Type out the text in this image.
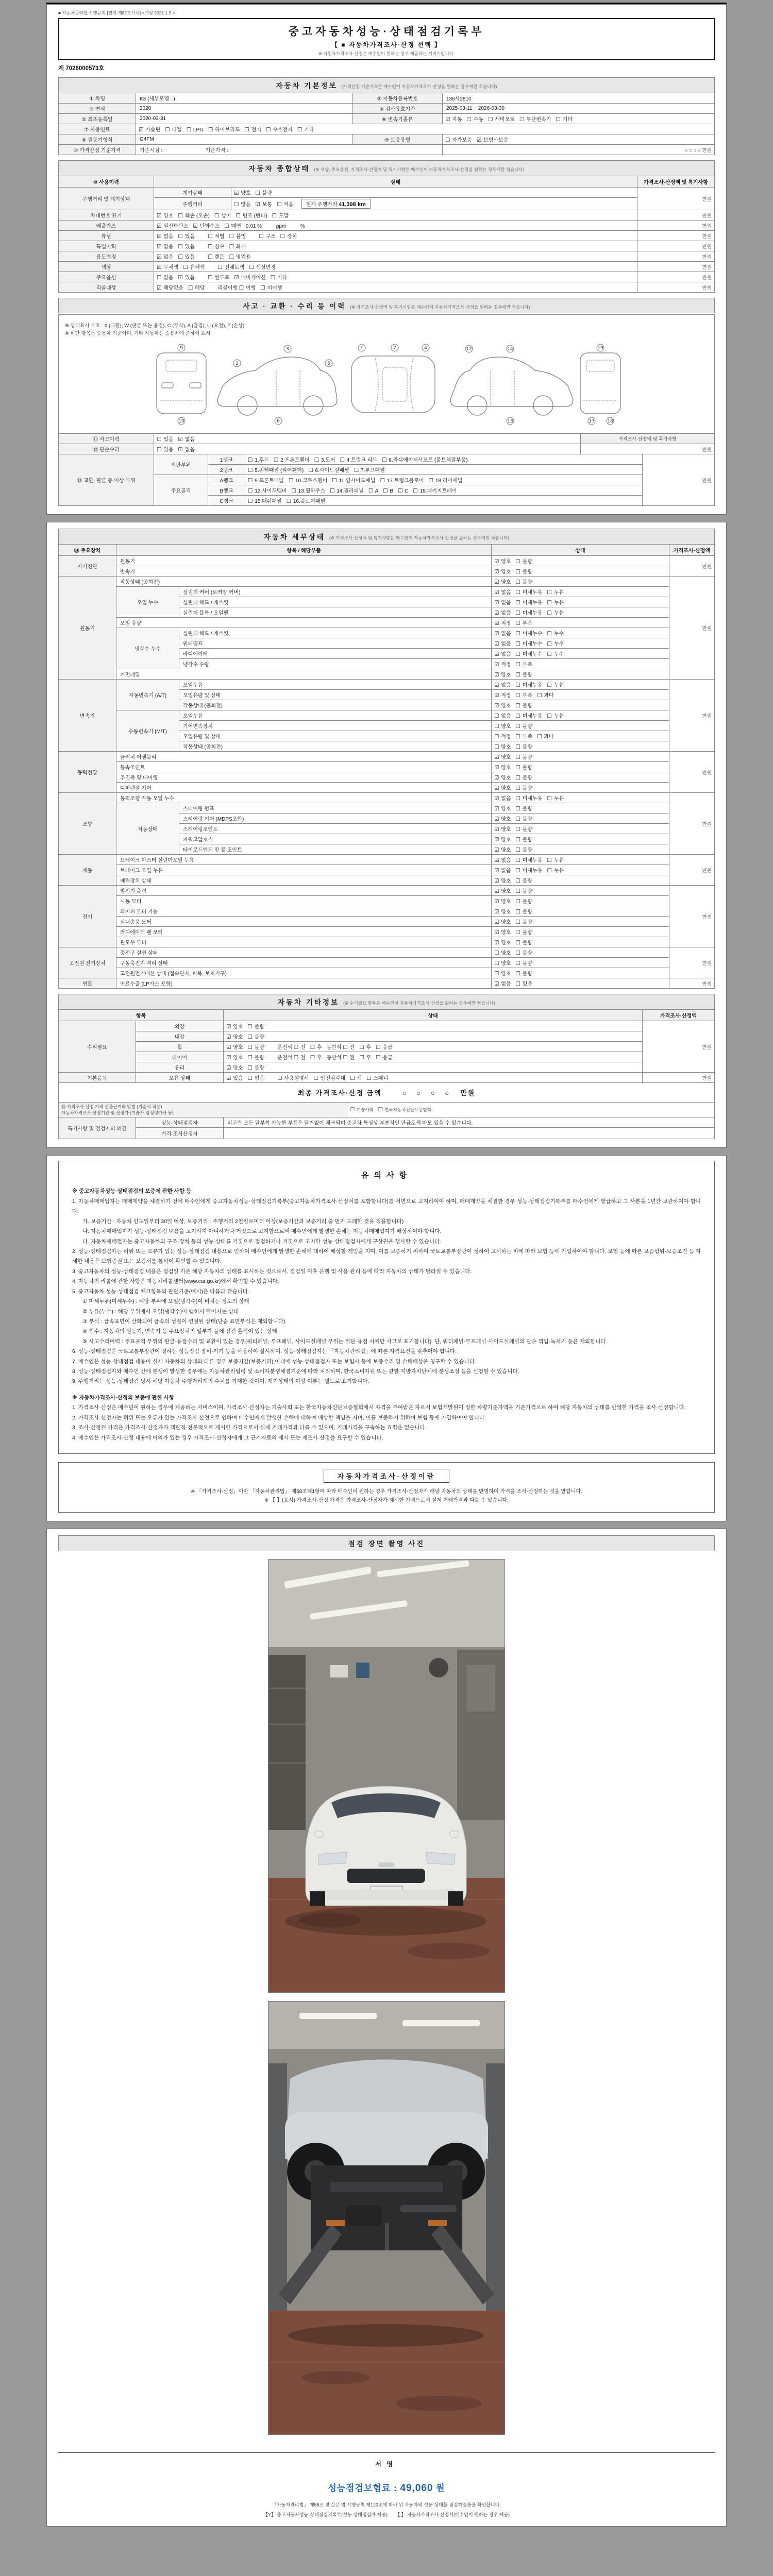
■ 자동차관리법 시행규칙 [별지 제82호서식] <개정 2021.1.9.>
중고자동차성능·상태점검기록부
【 ■ 자동차가격조사·산정 선택 】
※ 자동차가격조사·산정은 매수인이 원하는 경우 제공하는 서비스입니다.
제 7026000573호
자동차 기본정보 (가격산정 기준가격은 매수인이 자동차가격조사·산정을 원하는 경우에만 적습니다)
① 차명	K3 (세부모델 : )	② 자동차등록번호	136세2810
③ 연식	2020	④ 검사유효기간	2025-03-11 ~ 2026-03-30
⑤ 최초등록일	2020-03-31	⑥ 변속기종류	☑ 자동 ☐ 수동 ☐ 세미오토 ☐ 무단변속기 ☐ 기타
⑦ 사용연료	☑ 가솔린 ☐ 디젤 ☐ LPG ☐ 하이브리드 ☐ 전기 ☐ 수소전기 ☐ 기타		
⑧ 원동기형식	G4FM	⑨ 보증유형	☐ 자가보증 ☑ 보험사보증
⑩ 가격산정 기준가격	기준시점 :                              기준가격 :		○ ○ ○ ○ 만원
자동차 종합상태 (※ 색상, 주요옵션, 가격조사·산정액 및 특기사항은 매수인이 자동차가격조사·산정을 원하는 경우에만 적습니다)
⑩ 사용이력	상태		가격조사·산정액 및 특기사항
주행거리 및 계기상태	계기상태	☑ 양호 ☐ 불량	만원
	주행거리	☐ 많음 ☑ 보통 ☐ 적음 현재 주행거리 41,398 km	
차대번호 표기	☑ 양호 ☐ 훼손 (오손) ☐ 상이 ☐ 변조 (변타) ☐ 도말		만원
배출가스	☑ 일산화탄소 ☑ 탄화수소 ☐ 매연 0.01 %          ppm          %		만원
튜닝	☑ 없음 ☐ 있음 ☐ 적법 ☐ 불법 ☐ 구조 ☐ 장치		만원
특별이력	☑ 없음 ☐ 있음 ☐ 침수 ☐ 화재		만원
용도변경	☑ 없음 ☐ 있음 ☐ 렌트 ☐ 영업용		만원
색상	☑ 무채색 ☐ 유채색 ☐ 전체도색 ☐ 색상변경		만원
주요옵션	☐ 없음 ☑ 있음 ☐ 썬루프 ☑ 네비게이션 ☐ 기타		만원
리콜대상	☑ 해당없음 ☐ 해당 리콜이행 ☐ 이행 ☐ 미이행		만원
사고 · 교환 · 수리 등 이력 (※ 가격조사·산정액 및 특기사항은 매수인이 자동차가격조사·산정을 원하는 경우에만 적습니다)
※ 상태표시 부호 : X (교환), W (판금 또는 용접), C (부식), A (흠집), U (요철), T (손상)
※ 하단 항목은 승용차 기준이며, 기타 자동차는 승용차에 준하여 표시
9
10
2
3
5
6
1	7	4	12	14
13
19
17	18
⑪ 사고이력	☐ 있음 ☑ 없음	가격조사·산정액 및 특기사항
⑫ 단순수리	☐ 있음 ☑ 없음	만원
⑬ 교환, 판금 등 이상 부위	외판부위	1랭크	☐ 1.후드 ☐ 2.프론트휀더 ☐ 3.도어 ☐ 4.트렁크 리드 ☐ 8.라디에이터서포트 (볼트체결부품)	만원
		2랭크	☐ 5.쿼터패널 (리어휀더) ☐ 6.사이드실패널 ☐ 7.루프패널	
	주요골격	A랭크	☐ 9.프론트패널 ☐ 10.크로스멤버 ☐ 11.인사이드패널 ☐ 17.트렁크플로어 ☐ 18.리어패널	
		B랭크	☐ 12.사이드멤버 ☐ 13.휠하우스 ☐ 14.필러패널 ☐ A ☐ B ☐ C ☐ 19.패키지트레이	
		C랭크	☐ 15.대쉬패널 ☐ 16.플로어패널	
자동차 세부상태 (※ 가격조사·산정액 및 특기사항은 매수인이 자동차가격조사·산정을 원하는 경우에만 적습니다)
⑭ 주요장치	항목 / 해당부품		상태	가격조사·산정액
자기진단	원동기		☑ 양호 ☐ 불량	만원
	변속기		☑ 양호 ☐ 불량	
원동기	작동상태 (공회전)		☑ 양호 ☐ 불량	만원
	오일 누수	실린더 커버 (로커암 커버)	☑ 없음 ☐ 미세누유 ☐ 누유	
		실린더 헤드 / 개스킷	☑ 없음 ☐ 미세누유 ☐ 누유	
		실린더 블록 / 오일팬	☑ 없음 ☐ 미세누유 ☐ 누유	
	오일 유량		☑ 적정 ☐ 부족	
	냉각수 누수	실린더 헤드 / 개스킷	☑ 없음 ☐ 미세누수 ☐ 누수	
		워터펌프	☑ 없음 ☐ 미세누수 ☐ 누수	
		라디에이터	☑ 없음 ☐ 미세누수 ☐ 누수	
		냉각수 수량	☑ 적정 ☐ 부족	
	커먼레일		☑ 양호 ☐ 불량	
변속기	자동변속기 (A/T)	오일누유	☑ 없음 ☐ 미세누유 ☐ 누유	만원
		오일유량 및 상태	☑ 적정 ☐ 부족 ☐ 과다	
		작동상태 (공회전)	☑ 양호 ☐ 불량	
	수동변속기 (M/T)	오일누유	☐ 없음 ☐ 미세누유 ☐ 누유	
		기어변속장치	☐ 양호 ☐ 불량	
		오일유량 및 상태	☐ 적정 ☐ 부족 ☐ 과다	
		작동상태 (공회전)	☐ 양호 ☐ 불량	
동력전달	클러치 어셈블리		☑ 양호 ☐ 불량	만원
	등속조인트		☑ 양호 ☐ 불량	
	추진축 및 베어링		☑ 양호 ☐ 불량	
	디퍼렌셜 기어		☑ 양호 ☐ 불량	
조향	동력조향 작동 오일 누수		☑ 없음 ☐ 미세누유 ☐ 누유	만원
	작동상태	스티어링 펌프	☑ 양호 ☐ 불량	
		스티어링 기어 (MDPS포함)	☑ 양호 ☐ 불량	
		스티어링조인트	☑ 양호 ☐ 불량	
		파워고압호스	☑ 양호 ☐ 불량	
		타이로드엔드 및 볼 조인트	☑ 양호 ☐ 불량	
제동	브레이크 마스터 실린더오일 누유		☑ 없음 ☐ 미세누유 ☐ 누유	만원
	브레이크 오일 누유		☑ 없음 ☐ 미세누유 ☐ 누유	
	배력장치 상태		☑ 양호 ☐ 불량	
전기	발전기 출력		☑ 양호 ☐ 불량	만원
	시동 모터		☑ 양호 ☐ 불량	
	와이퍼 모터 기능		☑ 양호 ☐ 불량	
	실내송풍 모터		☑ 양호 ☐ 불량	
	라디에이터 팬 모터		☑ 양호 ☐ 불량	
	윈도우 모터		☑ 양호 ☐ 불량	
고전원 전기장치	충전구 절연 상태		☐ 양호 ☐ 불량	만원
	구동축전지 격리 상태		☐ 양호 ☐ 불량	
	고전원전기배선 상태 (접속단자, 피복, 보호기구)		☐ 양호 ☐ 불량	
연료	연료누출 (LP가스 포함)		☑ 없음 ☐ 있음	만원
자동차 기타정보 (※ 수리필요 항목은 매수인이 자동차가격조사·산정을 원하는 경우에만 적습니다)
항목		상태	가격조사·산정액
수리필요	외장	☑ 양호 ☐ 불량	만원
	내장	☑ 양호 ☐ 불량	
	휠	☑ 양호 ☐ 불량 운전석 ☐ 전 ☐ 후 동반석 ☐ 전 ☐ 후 ☐ 응급	
	타이어	☑ 양호 ☐ 불량 운전석 ☐ 전 ☐ 후 동반석 ☐ 전 ☐ 후 ☐ 응급	
	유리	☑ 양호 ☐ 불량	
기본품목	보유 상태	☑ 있음 ☐ 없음 ☐ 사용설명서 ☐ 안전삼각대 ☐ 잭 ☐ 스패너	만원
최종 가격조사·산정 금액	○ ○ ○ ○ 만원
⑮ 가격조사·산정 가격 산출근거와 방법 (기준서 적용)
자동차가격조사·산정기관 및 산정자 (기술사·감정평가사 등)	☐ 기술사회 ☐ 한국자동차진단보증협회
특기사항 및 점검자의 의견	성능·상태점검자	비고란 모든 탈부착 가능한 부품은 탈거없이 체크되며 중고차 특성상 부분적인 판금도색 마모 있을 수 있습니다.
	가격·조사산정자	
유의사항
※ 중고자동차성능·상태점검의 보증에 관한 사항 등
1. 자동차매매업자는 매매계약을 체결하기 전에 매수인에게 중고자동차성능·상태점검기록부(중고자동차가격조사·산정서를 포함합니다)를 서면으로 고지하여야 하며, 매매계약을 체결한 경우 성능·상태점검기록부를 매수인에게 발급하고 그 사본을 1년간 보관하여야 합니다.
가. 보증기간 : 자동차 인도일부터 30일 이상, 보증거리 : 주행거리 2천킬로미터 이상(보증기간과 보증거리 중 먼저 도래한 것을 적용합니다)
나. 자동차매매업자가 성능·상태점검 내용을 고지하지 아니하거나 거짓으로 고지함으로써 매수인에게 발생한 손해는 자동차매매업자가 배상하여야 합니다.
다. 자동차매매업자는 중고자동차의 구조·장치 등의 성능·상태를 거짓으로 점검하거나 거짓으로 고지한 성능·상태점검자에게 구상권을 행사할 수 있습니다.
2. 성능·상태점검자는 허위 또는 오류가 있는 성능·상태점검 내용으로 인하여 매수인에게 발생한 손해에 대하여 배상할 책임을 지며, 이를 보증하기 위하여 국토교통부장관이 정하여 고시하는 바에 따라 보험 등에 가입하여야 합니다. 보험 등에 따른 보증범위·보증조건 등 자세한 내용은 보험증권 또는 보증서를 통하여 확인할 수 있습니다.
3. 중고자동차의 성능·상태점검 내용은 점검일 기준 해당 자동차의 상태를 표시하는 것으로서, 점검일 이후 운행 및 사용·관리 등에 따라 자동차의 상태가 달라질 수 있습니다.
4. 자동차의 리콜에 관한 사항은 자동차리콜센터(www.car.go.kr)에서 확인할 수 있습니다.
5. 중고자동차 성능·상태점검 체크항목의 판단기준(예시)은 다음과 같습니다.
① 미세누유(미세누수) : 해당 부위에 오일(냉각수)이 비치는 정도의 상태
② 누유(누수) : 해당 부위에서 오일(냉각수)이 맺혀서 떨어지는 상태
③ 부식 : 금속표면이 산화되어 금속의 성질이 변질된 상태(단순 표면부식은 제외합니다)
④ 침수 : 자동차의 원동기, 변속기 등 주요장치의 일부가 물에 잠긴 흔적이 있는 상태
⑤ 사고수리이력 : 주요골격 부위의 판금·용접수리 및 교환이 있는 경우(쿼터패널, 루프패널, 사이드실패널 부위는 절단·용접 시에만 사고로 표기합니다). 단, 쿼터패널·루프패널·사이드실패널의 단순 꺾임·녹제거 등은 제외합니다.
6. 성능·상태점검은 국토교통부장관이 정하는 성능점검 장비·기기 등을 사용하여 실시하며, 성능·상태점검자는 「자동차관리법」에 따른 자격요건을 갖추어야 합니다.
7. 매수인은 성능·상태점검 내용이 실제 자동차의 상태와 다른 경우 보증기간(보증거리) 이내에 성능·상태점검자 또는 보험사 등에 보증수리 및 손해배상을 청구할 수 있습니다.
8. 성능·상태점검자와 매수인 간에 분쟁이 발생한 경우에는 자동차관리법령 및 소비자분쟁해결기준에 따라 처리하며, 한국소비자원 또는 관할 지방자치단체에 분쟁조정 등을 신청할 수 있습니다.
9. 주행거리는 성능·상태점검 당시 해당 자동차 주행거리계의 수치를 기재한 것이며, 계기상태의 이상 여부는 별도로 표기합니다.
※ 자동차가격조사·산정의 보증에 관한 사항
1. 가격조사·산정은 매수인이 원하는 경우에 제공하는 서비스이며, 가격조사·산정자는 기술사회 또는 한국자동차진단보증협회에서 자격을 부여받은 자로서 보험개발원이 정한 차량기준가액을 기준가격으로 하여 해당 자동차의 상태를 반영한 가격을 조사·산정합니다.
2. 가격조사·산정자는 허위 또는 오류가 있는 가격조사·산정으로 인하여 매수인에게 발생한 손해에 대하여 배상할 책임을 지며, 이를 보증하기 위하여 보험 등에 가입하여야 합니다.
3. 조사·산정된 가격은 가격조사·산정자가 객관적·전문적으로 제시한 가격으로서 실제 거래가격과 다를 수 있으며, 거래가격을 구속하는 효력은 없습니다.
4. 매수인은 가격조사·산정 내용에 이의가 있는 경우 가격조사·산정자에게 그 근거자료의 제시 또는 재조사·산정을 요구할 수 있습니다.
자동차가격조사·산정이란
※ 「가격조사·산정」이란 「자동차관리법」 제58조제1항에 따라 매수인이 원하는 경우 가격조사·산정자가 해당 자동차의 상태를 반영하여 가격을 조사·산정하는 것을 말합니다.
※ 【 】(표시) 가격조사·산정 가격은 가격조사·산정자가 제시한 가격으로서 실제 거래가격과 다를 수 있습니다.
점검 장면 촬영 사진
서명
성능점검보험료 : 49,060 원
「자동차관리법」 제58조 및 같은 법 시행규칙 제120조에 따라 위 자동차의 성능·상태를 점검하였음을 확인합니다.
【Y】 중고자동차성능·상태점검기록부(성능·상태점검자 제공)      【 】 자동차가격조사·산정서(매수인이 원하는 경우 제공)
